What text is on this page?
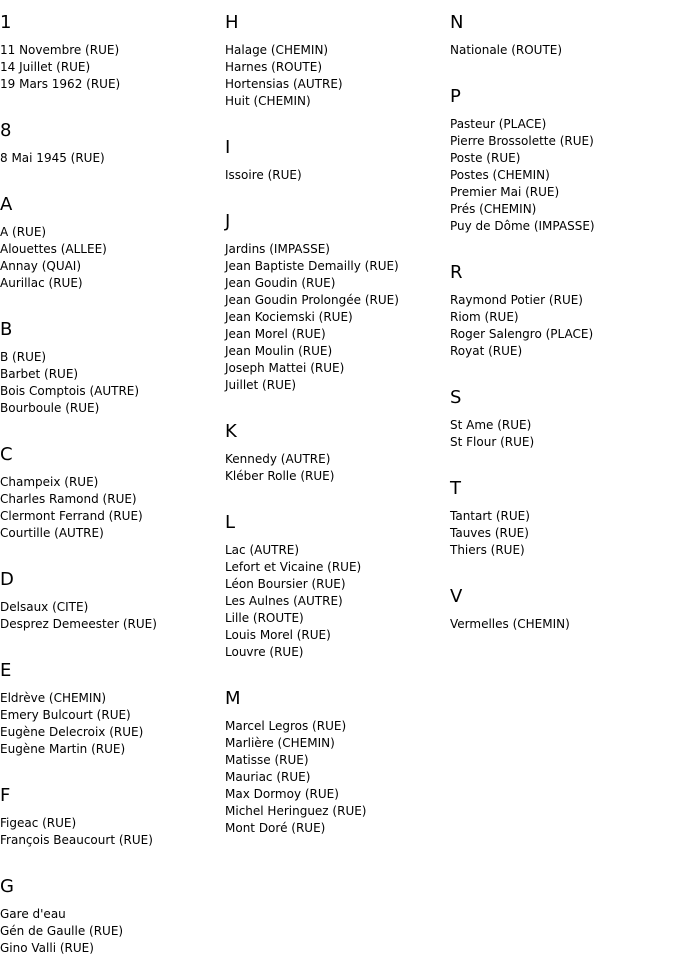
1
11 Novembre (RUE)
14 Juillet (RUE)
19 Mars 1962 (RUE)
8
8 Mai 1945 (RUE)
A
A (RUE)
Alouettes (ALLEE)
Annay (QUAI)
Aurillac (RUE)
B
B (RUE)
Barbet (RUE)
Bois Comptois (AUTRE)
Bourboule (RUE)
C
Champeix (RUE)
Charles Ramond (RUE)
Clermont Ferrand (RUE)
Courtille (AUTRE)
D
Delsaux (CITE)
Desprez Demeester (RUE)
E
Eldrève (CHEMIN)
Emery Bulcourt (RUE)
Eugène Delecroix (RUE)
Eugène Martin (RUE)
F
Figeac (RUE)
François Beaucourt (RUE)
G
Gare d'eau
Gén de Gaulle (RUE)
Gino Valli (RUE)
H
Halage (CHEMIN)
Harnes (ROUTE)
Hortensias (AUTRE)
Huit (CHEMIN)
I
Issoire (RUE)
J
Jardins (IMPASSE)
Jean Baptiste Demailly (RUE)
Jean Goudin (RUE)
Jean Goudin Prolongée (RUE)
Jean Kociemski (RUE)
Jean Morel (RUE)
Jean Moulin (RUE)
Joseph Mattei (RUE)
Juillet (RUE)
K
Kennedy (AUTRE)
Kléber Rolle (RUE)
L
Lac (AUTRE)
Lefort et Vicaine (RUE)
Léon Boursier (RUE)
Les Aulnes (AUTRE)
Lille (ROUTE)
Louis Morel (RUE)
Louvre (RUE)
M
Marcel Legros (RUE)
Marlière (CHEMIN)
Matisse (RUE)
Mauriac (RUE)
Max Dormoy (RUE)
Michel Heringuez (RUE)
Mont Doré (RUE)
N
Nationale (ROUTE)
P
Pasteur (PLACE)
Pierre Brossolette (RUE)
Poste (RUE)
Postes (CHEMIN)
Premier Mai (RUE)
Prés (CHEMIN)
Puy de Dôme (IMPASSE)
R
Raymond Potier (RUE)
Riom (RUE)
Roger Salengro (PLACE)
Royat (RUE)
S
St Ame (RUE)
St Flour (RUE)
T
Tantart (RUE)
Tauves (RUE)
Thiers (RUE)
V
Vermelles (CHEMIN)
